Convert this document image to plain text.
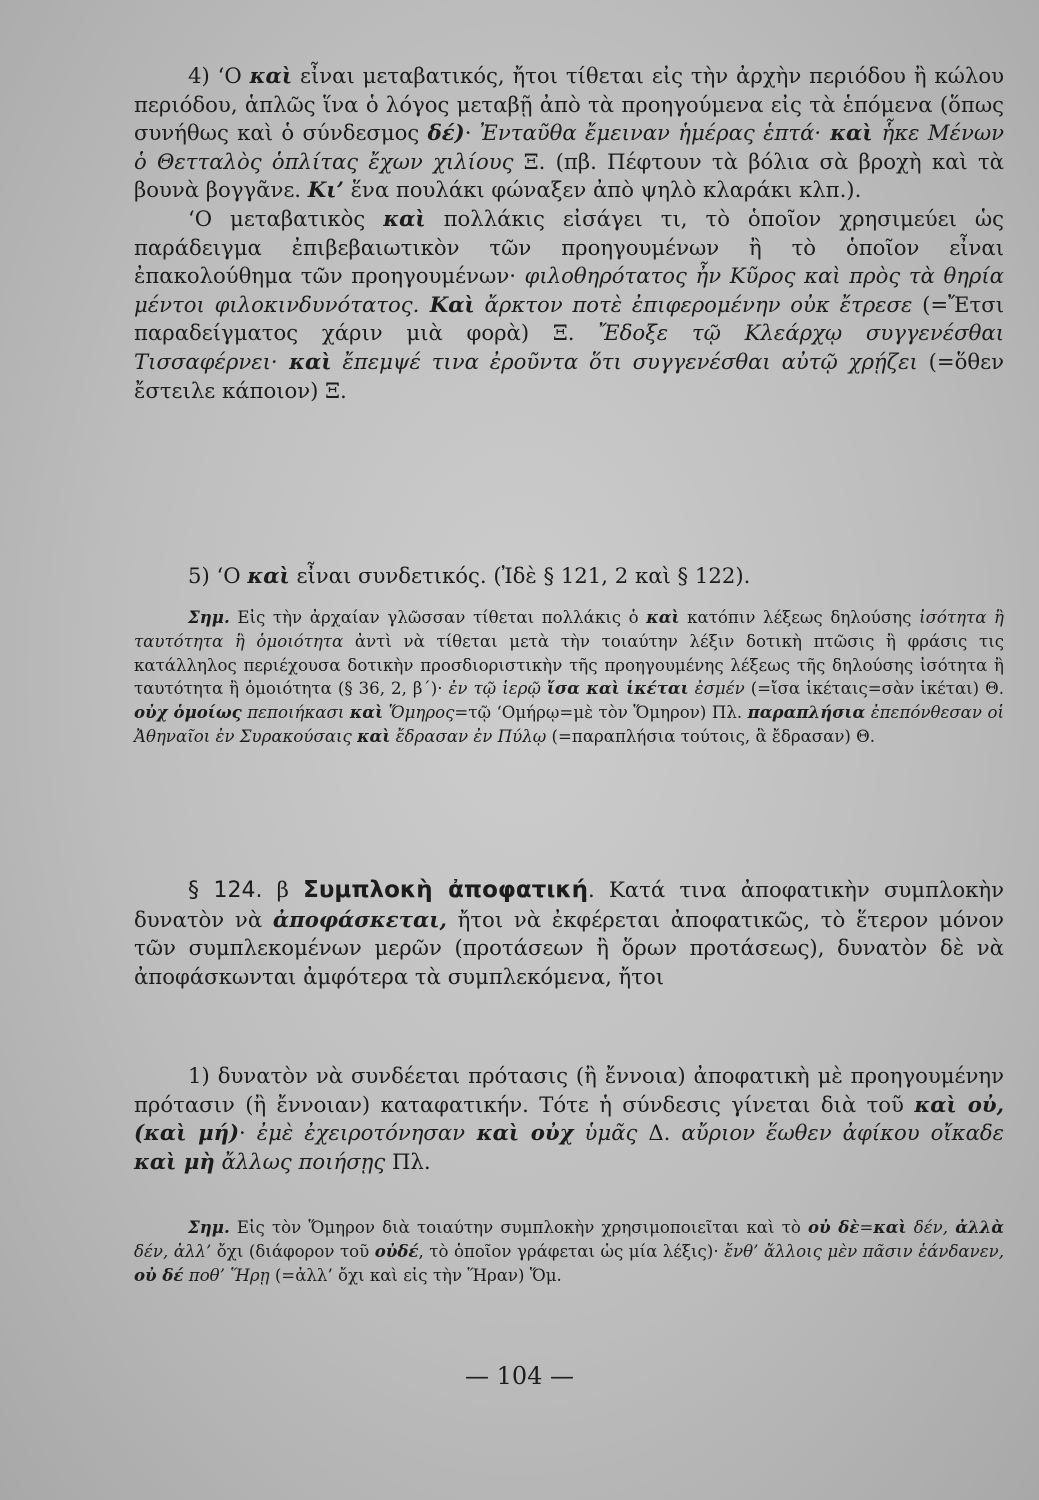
4) ‘Ο καὶ εἶναι μεταβατικός, ἤτοι τίθεται εἰς τὴν ἀρχὴν περιόδου ἢ κώλου περιόδου, ἁπλῶς ἵνα ὁ λόγος μεταβῇ ἀπὸ τὰ προηγούμενα εἰς τὰ ἑπόμενα (ὅπως συνήθως καὶ ὁ σύνδεσμος δέ)· Ἐνταῦθα ἔμειναν ἡμέρας ἑπτά· καὶ ἧκε Μένων ὁ Θετταλὸς ὁπλίτας ἔχων χιλίους Ξ. (πβ. Πέφτουν τὰ βόλια σὰ βροχὴ καὶ τὰ βουνὰ βογγᾶνε. Κι’ ἕνα πουλάκι φώναξεν ἀπὸ ψηλὸ κλαράκι κλπ.).

‘Ο μεταβατικὸς καὶ πολλάκις εἰσάγει τι, τὸ ὁποῖον χρησιμεύει ὡς παράδειγμα ἐπιβεβαιωτικὸν τῶν προηγουμένων ἢ τὸ ὁποῖον εἶναι ἐπακολούθημα τῶν προηγουμένων· φιλοθηρότατος ἦν Κῦρος καὶ πρὸς τὰ θηρία μέντοι φιλοκινδυνότατος. Καὶ ἄρκτον ποτὲ ἐπιφερομένην οὐκ ἔτρεσε (=Ἔτσι παραδείγματος χάριν μιὰ φορὰ) Ξ. Ἔδοξε τῷ Κλεάρχῳ συγγενέσθαι Τισσαφέρνει· καὶ ἔπεμψέ τινα ἐροῦντα ὅτι συγγενέσθαι αὐτῷ χρῄζει (=ὅθεν ἔστειλε κάποιον) Ξ.

5) ‘Ο καὶ εἶναι συνδετικός. (Ἰδὲ § 121, 2 καὶ § 122).

Σημ. Εἰς τὴν ἀρχαίαν γλῶσσαν τίθεται πολλάκις ὁ καὶ κατόπιν λέξεως δηλούσης ἰσότητα ἢ ταυτότητα ἢ ὁμοιότητα ἀντὶ νὰ τίθεται μετὰ τὴν τοιαύτην λέξιν δοτικὴ πτῶσις ἢ φράσις τις κατάλληλος περιέχουσα δοτικὴν προσδιοριστικὴν τῆς προηγουμένης λέξεως τῆς δηλούσης ἰσότητα ἢ ταυτότητα ἢ ὁμοιότητα (§ 36, 2, β΄)· ἐν τῷ ἱερῷ ἴσα καὶ ἱκέται ἐσμέν (=ἴσα ἱκέταις=σὰν ἱκέται) Θ. οὐχ ὁμοίως πεποιήκασι καὶ Ὅμηρος=τῷ ‘Ομήρῳ=μὲ τὸν Ὅμηρον) Πλ. παραπλήσια ἐπεπόνθεσαν οἱ Ἀθηναῖοι ἐν Συρακούσαις καὶ ἔδρασαν ἐν Πύλῳ (=παραπλήσια τούτοις, ἃ ἔδρασαν) Θ.

§ 124. β Συμπλοκὴ ἀποφατική. Κατά τινα ἀποφατικὴν συμπλοκὴν δυνατὸν νὰ ἀποφάσκεται, ἤτοι νὰ ἐκφέρεται ἀποφατικῶς, τὸ ἕτερον μόνον τῶν συμπλεκομένων μερῶν (προτάσεων ἢ ὅρων προτάσεως), δυνατὸν δὲ νὰ ἀποφάσκωνται ἀμφότερα τὰ συμπλεκόμενα, ἤτοι

1) δυνατὸν νὰ συνδέεται πρότασις (ἢ ἔννοια) ἀποφατικὴ μὲ προηγουμένην πρότασιν (ἢ ἔννοιαν) καταφατικήν. Τότε ἡ σύνδεσις γίνεται διὰ τοῦ καὶ οὐ, (καὶ μή)· ἐμὲ ἐχειροτόνησαν καὶ οὐχ ὑμᾶς Δ. αὔριον ἕωθεν ἀφίκου οἴκαδε καὶ μὴ ἄλλως ποιήσῃς Πλ.

Σημ. Εἰς τὸν Ὅμηρον διὰ τοιαύτην συμπλοκὴν χρησιμοποιεῖται καὶ τὸ οὐ δὲ=καὶ δέν, ἀλλὰ δέν, ἀλλ’ ὄχι (διάφορον τοῦ οὐδέ, τὸ ὁποῖον γράφεται ὡς μία λέξις)· ἔνθ’ ἄλλοις μὲν πᾶσιν ἑάνδανεν, οὐ δέ ποθ’ Ἥρῃ (=ἀλλ’ ὄχι καὶ εἰς τὴν Ἥραν) Ὅμ.

— 104 —
